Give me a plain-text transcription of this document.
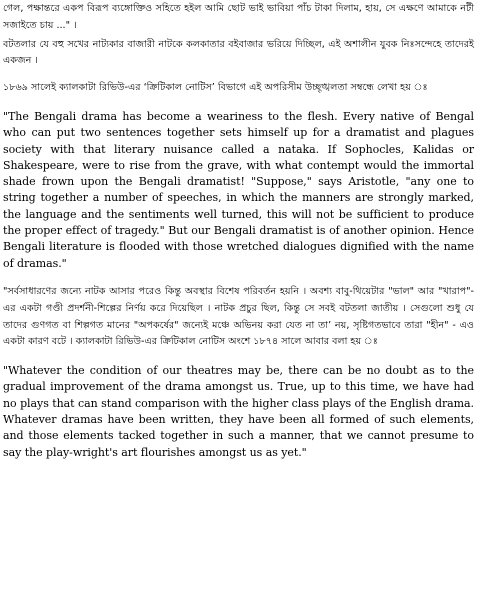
গেল, পক্ষান্তরে একপ বিরূপ ব্যঙ্গোক্তিও সহিতে হইল আমি ছোট ভাই ভাবিয়া পাঁচ টাকা দিলাম, হায়, সে এক্ষণে আমাকে নটী সজাইতে চায় ..." ।

বটতলার যে বহু সখের নাট্যকার বাজারী নাটকে কলকাতার বইবাজার ভরিয়ে দিচ্ছিল, এই অশালীন যুবক নিঃসন্দেহে তাদেরই একজন ।

১৮৬৯ সালেই ক্যালকাটা রিভিউ-এর ‘ক্রিটিকাল নোটিস’ বিভাগে এই অপরিসীম উচ্ছৃঙ্খলতা সম্বন্ধে লেখা হয় ঃ

"The Bengali drama has become a weariness to the flesh. Every native of Bengal who can put two sentences together sets himself up for a dramatist and plagues society with that literary nuisance called a nataka. If Sophocles, Kalidas or Shakespeare, were to rise from the grave, with what contempt would the immortal shade frown upon the Bengali dramatist! "Suppose," says Aristotle, "any one to string together a number of speeches, in which the manners are strongly marked, the language and the sentiments well turned, this will not be sufficient to produce the proper effect of tragedy." But our Bengali dramatist is of another opinion. Hence Bengali literature is flooded with those wretched dialogues dignified with the name of dramas."

"সর্বসাধারণের জন্যে নাটক আসার পরেও কিন্তু অবস্থার বিশেষ পরিবর্তন হয়নি । অবশ্য বাবু-থিয়েটার "ভাল" আর "খারাপ"-এর একটা গণ্ডী প্রদর্শনী-শিল্পের নির্ণয় করে দিয়েছিল । নাটক প্রচুর ছিল, কিন্তু সে সবই বটতলা জাতীয় । সেগুলো শুধু যে তাদের গুণগত বা শিল্পগত মানের "অপকর্ষের" জন্যেই মঞ্চে অভিনয় করা যেত না তা’ নয়, সৃষ্টিগতভাবে তারা "হীন" - এও একটা কারণ বটে । ক্যালকাটা রিভিউ-এর ক্রিটিকাল নোটিস অংশে ১৮৭৪ সালে আবার বলা হয় ঃ

"Whatever the condition of our theatres may be, there can be no doubt as to the gradual improvement of the drama amongst us. True, up to this time, we have had no plays that can stand comparison with the higher class plays of the English drama. Whatever dramas have been written, they have been all formed of such elements, and those elements tacked together in such a manner, that we cannot presume to say the play-wright's art flourishes amongst us as yet."
